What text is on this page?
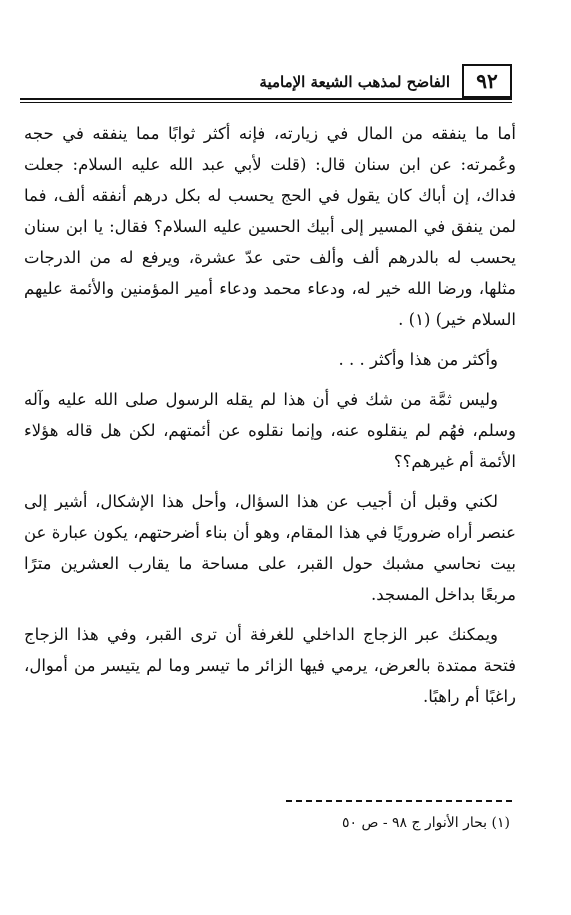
٩٢
الفاضح لمذهب الشيعة الإمامية

أما ما ينفقه من المال في زيارته، فإنه أكثر ثوابًا مما ينفقه في حجه وعُمرته: عن ابن سنان قال: (قلت لأبي عبد الله عليه السلام: جعلت فداك، إن أباك كان يقول في الحج يحسب له بكل درهم أنفقه ألف، فما لمن ينفق في المسير إلى أبيك الحسين عليه السلام؟ فقال: يا ابن سنان يحسب له بالدرهم ألف وألف حتى عدّ عشرة، ويرفع له من الدرجات مثلها، ورضا الله خير له، ودعاء محمد ودعاء أمير المؤمنين والأئمة عليهم السلام خير) (١) .

وأكثر من هذا وأكثر . . .

وليس ثمَّة من شك في أن هذا لم يقله الرسول صلى الله عليه وآله وسلم، فهُم لم ينقلوه عنه، وإنما نقلوه عن أئمتهم، لكن هل قاله هؤلاء الأئمة أم غيرهم؟؟

لكني وقبل أن أجيب عن هذا السؤال، وأحل هذا الإشكال، أشير إلى عنصر أراه ضروريًا في هذا المقام، وهو أن بناء أضرحتهم، يكون عبارة عن بيت نحاسي مشبك حول القبر، على مساحة ما يقارب العشرين مترًا مربعًا بداخل المسجد.

ويمكنك عبر الزجاج الداخلي للغرفة أن ترى القبر، وفي هذا الزجاج فتحة ممتدة بالعرض، يرمي فيها الزائر ما تيسر وما لم يتيسر من أموال، راغبًا أم راهبًا.

(١) بحار الأنوار ج ٩٨ - ص ٥٠
